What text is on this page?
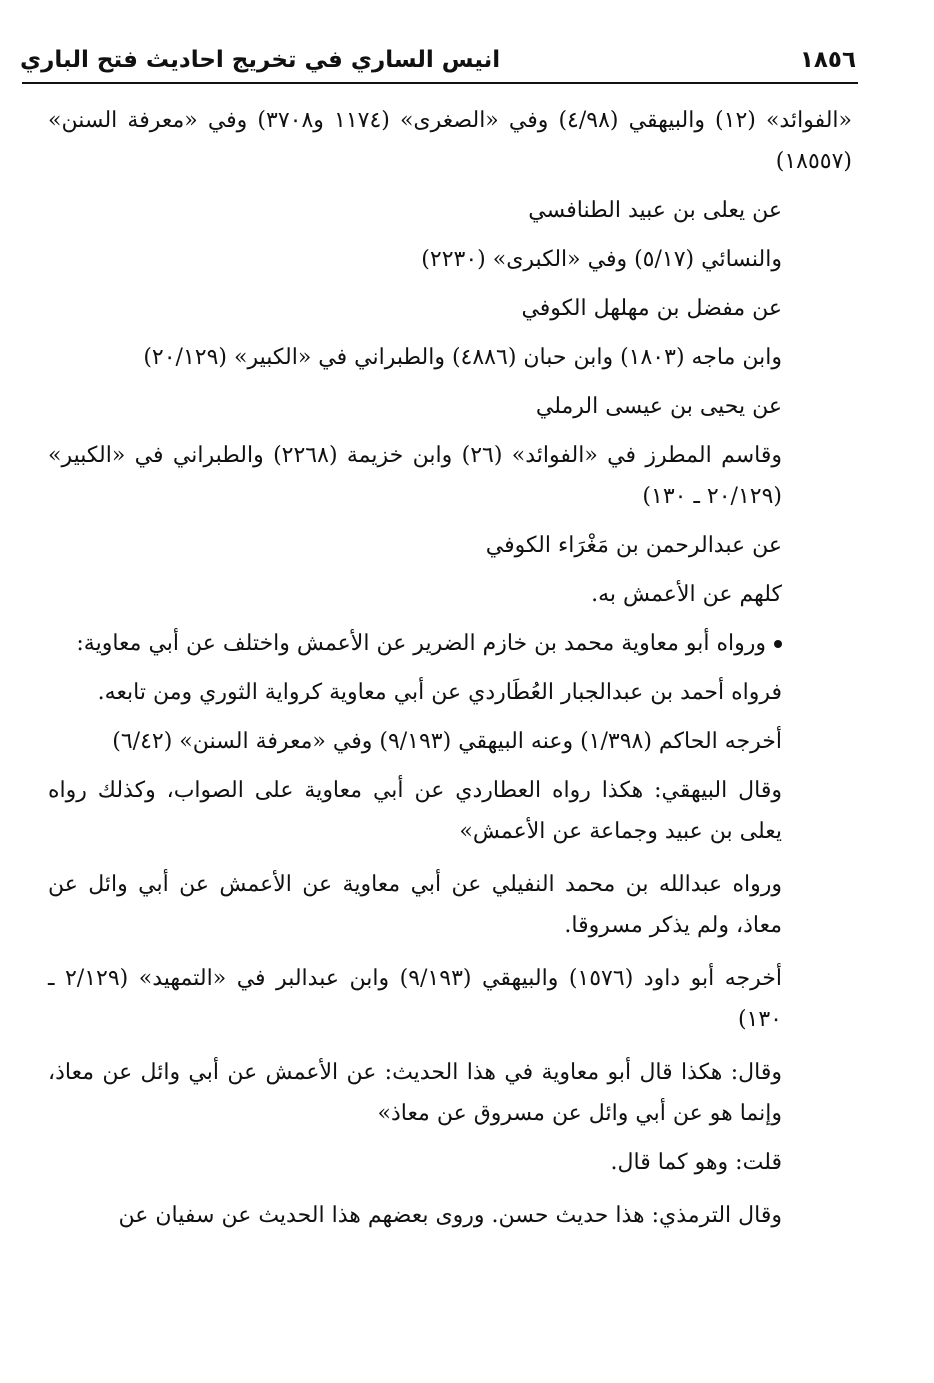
١٨٥٦
انيس الساري في تخريج احاديث فتح الباري

«الفوائد» (١٢) والبيهقي (٤/٩٨) وفي «الصغرى» (١١٧٤ و٣٧٠٨) وفي «معرفة السنن» (١٨٥٥٧)

عن يعلى بن عبيد الطنافسي

والنسائي (٥/١٧) وفي «الكبرى» (٢٢٣٠)

عن مفضل بن مهلهل الكوفي

وابن ماجه (١٨٠٣) وابن حبان (٤٨٨٦) والطبراني في «الكبير» (٢٠/١٢٩)

عن يحيى بن عيسى الرملي

وقاسم المطرز في «الفوائد» (٢٦) وابن خزيمة (٢٢٦٨) والطبراني في «الكبير» (٢٠/١٢٩ ـ ١٣٠)

عن عبدالرحمن بن مَغْرَاء الكوفي

كلهم عن الأعمش به.

ورواه أبو معاوية محمد بن خازم الضرير عن الأعمش واختلف عن أبي معاوية:

فرواه أحمد بن عبدالجبار العُطَاردي عن أبي معاوية كرواية الثوري ومن تابعه.

أخرجه الحاكم (١/٣٩٨) وعنه البيهقي (٩/١٩٣) وفي «معرفة السنن» (٦/٤٢)

وقال البيهقي: هكذا رواه العطاردي عن أبي معاوية على الصواب، وكذلك رواه يعلى بن عبيد وجماعة عن الأعمش»

ورواه عبدالله بن محمد النفيلي عن أبي معاوية عن الأعمش عن أبي وائل عن معاذ، ولم يذكر مسروقا.

أخرجه أبو داود (١٥٧٦) والبيهقي (٩/١٩٣) وابن عبدالبر في «التمهيد» (٢/١٢٩ ـ ١٣٠)

وقال: هكذا قال أبو معاوية في هذا الحديث: عن الأعمش عن أبي وائل عن معاذ، وإنما هو عن أبي وائل عن مسروق عن معاذ»

قلت: وهو كما قال.

وقال الترمذي: هذا حديث حسن. وروى بعضهم هذا الحديث عن سفيان عن
